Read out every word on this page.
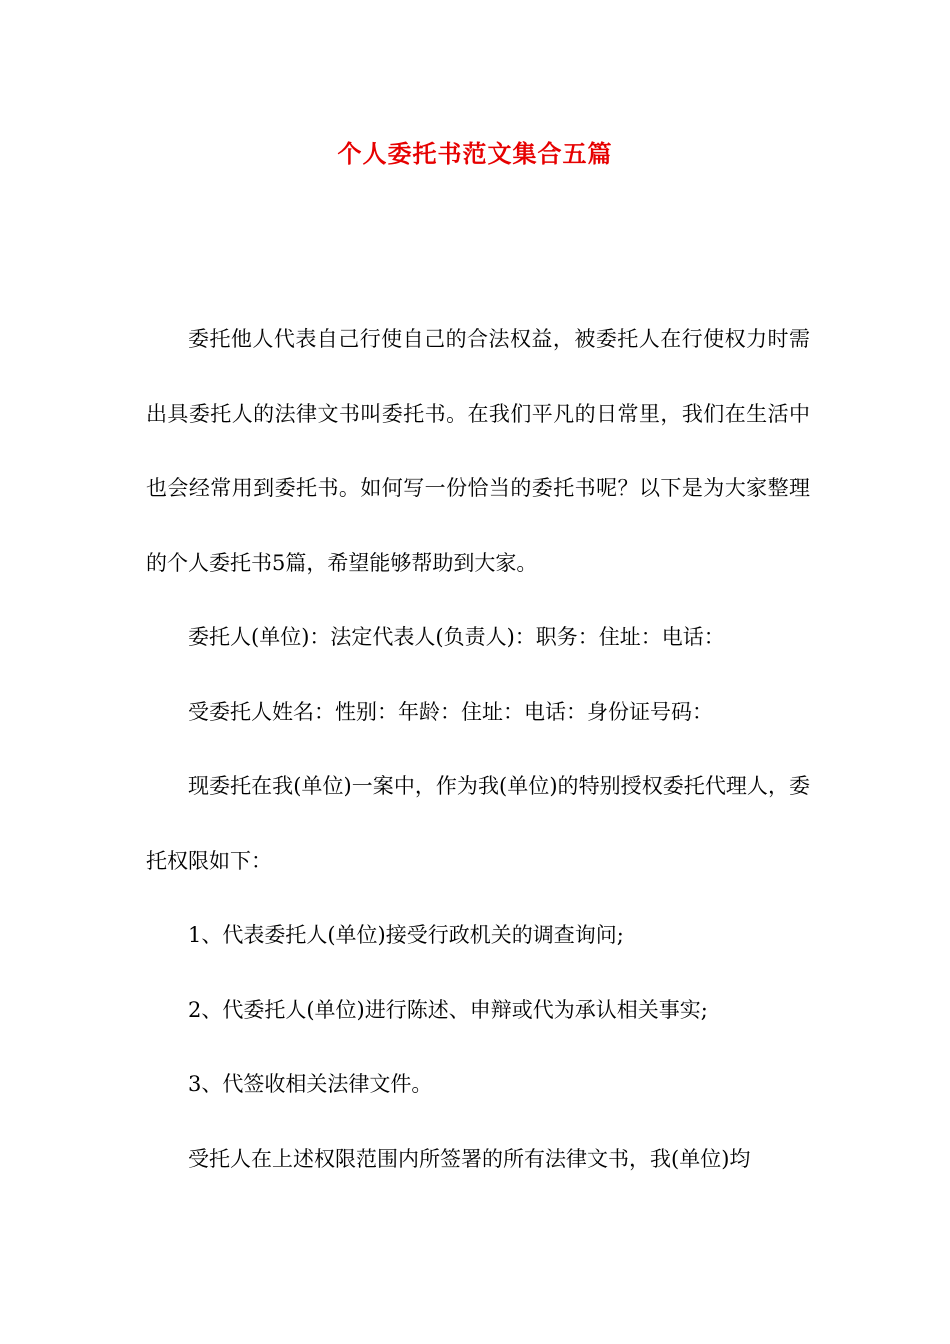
个人委托书范文集合五篇

委托他人代表自己行使自己的合法权益，被委托人在行使权力时需出具委托人的法律文书叫委托书。在我们平凡的日常里，我们在生活中也会经常用到委托书。如何写一份恰当的委托书呢？以下是为大家整理的个人委托书5篇，希望能够帮助到大家。

委托人(单位)：法定代表人(负责人)：职务：住址：电话：

受委托人姓名：性别：年龄：住址：电话：身份证号码：

现委托在我(单位)一案中，作为我(单位)的特别授权委托代理人，委托权限如下：

1、代表委托人(单位)接受行政机关的调查询问;

2、代委托人(单位)进行陈述、申辩或代为承认相关事实;

3、代签收相关法律文件。

受托人在上述权限范围内所签署的所有法律文书，我(单位)均
